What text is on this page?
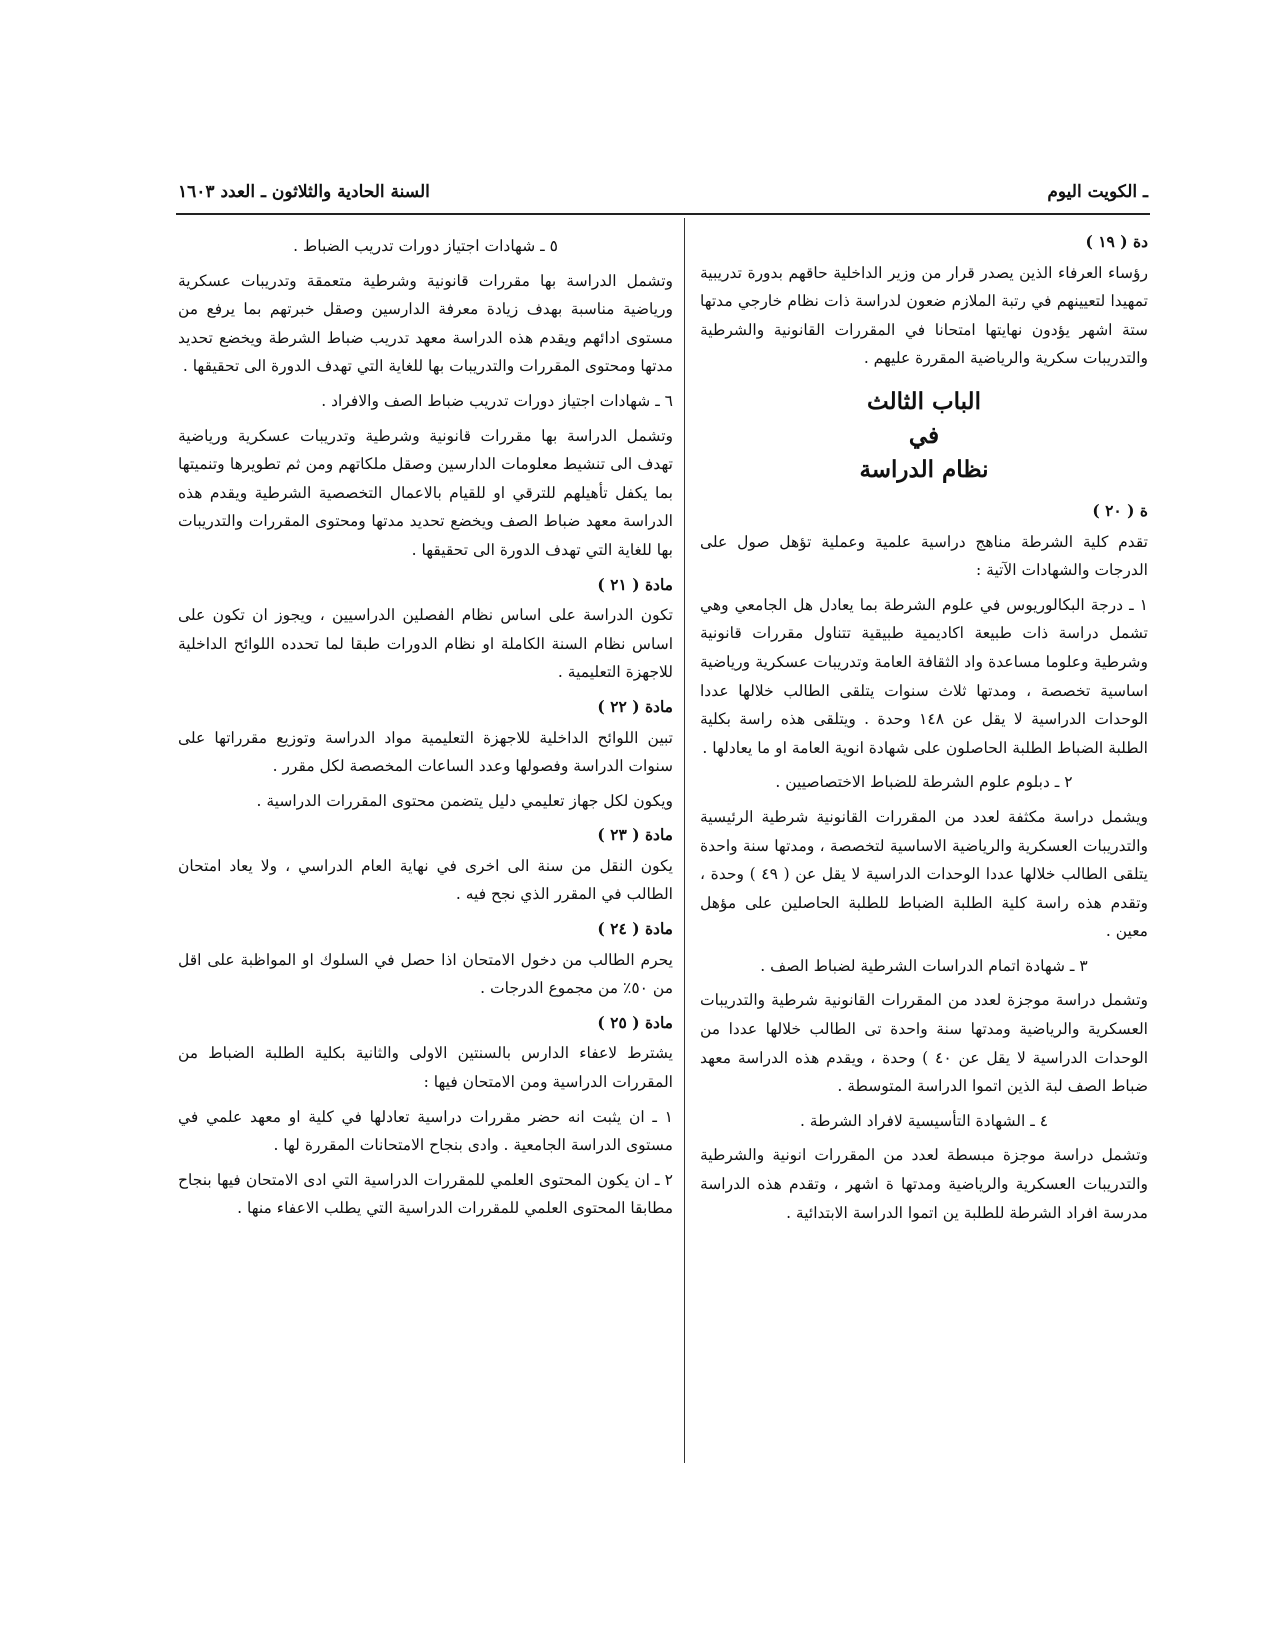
ـ الكويت اليوم
السنة الحادية والثلاثون ـ العدد ١٦٠٣
دة ( ١٩ )

رؤساء العرفاء الذين يصدر قرار من وزير الداخلية حاقهم بدورة تدريبية تمهيدا لتعيينهم في رتبة الملازم ضعون لدراسة ذات نظام خارجي مدتها ستة اشهر يؤدون نهايتها امتحانا في المقررات القانونية والشرطية والتدريبات سكرية والرياضية المقررة عليهم .

الباب الثالث
في
نظام الدراسة
ة ( ٢٠ )

تقدم كلية الشرطة مناهج دراسية علمية وعملية تؤهل صول على الدرجات والشهادات الآتية :

١ ـ درجة البكالوريوس في علوم الشرطة بما يعادل هل الجامعي وهي تشمل دراسة ذات طبيعة اكاديمية طبيقية تتناول مقررات قانونية وشرطية وعلوما مساعدة واد الثقافة العامة وتدريبات عسكرية ورياضية اساسية تخصصة ، ومدتها ثلاث سنوات يتلقى الطالب خلالها عددا الوحدات الدراسية لا يقل عن ١٤٨ وحدة . ويتلقى هذه راسة بكلية الطلبة الضباط الطلبة الحاصلون على شهادة انوية العامة او ما يعادلها .

٢ ـ دبلوم علوم الشرطة للضباط الاختصاصيين .

ويشمل دراسة مكثفة لعدد من المقررات القانونية شرطية الرئيسية والتدريبات العسكرية والرياضية الاساسية لتخصصة ، ومدتها سنة واحدة يتلقى الطالب خلالها عددا الوحدات الدراسية لا يقل عن ( ٤٩ ) وحدة ، وتقدم هذه راسة كلية الطلبة الضباط للطلبة الحاصلين على مؤهل معين .

٣ ـ شهادة اتمام الدراسات الشرطية لضباط الصف .

وتشمل دراسة موجزة لعدد من المقررات القانونية شرطية والتدريبات العسكرية والرياضية ومدتها سنة واحدة تى الطالب خلالها عددا من الوحدات الدراسية لا يقل عن ٤٠ ) وحدة ، ويقدم هذه الدراسة معهد ضباط الصف لبة الذين اتموا الدراسة المتوسطة .

٤ ـ الشهادة التأسيسية لافراد الشرطة .

وتشمل دراسة موجزة مبسطة لعدد من المقررات انونية والشرطية والتدريبات العسكرية والرياضية ومدتها ة اشهر ، وتقدم هذه الدراسة مدرسة افراد الشرطة للطلبة ين اتموا الدراسة الابتدائية .

٥ ـ شهادات اجتياز دورات تدريب الضباط .

وتشمل الدراسة بها مقررات قانونية وشرطية متعمقة وتدريبات عسكرية ورياضية مناسبة بهدف زيادة معرفة الدارسين وصقل خبرتهم بما يرفع من مستوى ادائهم ويقدم هذه الدراسة معهد تدريب ضباط الشرطة ويخضع تحديد مدتها ومحتوى المقررات والتدريبات بها للغاية التي تهدف الدورة الى تحقيقها .

٦ ـ شهادات اجتياز دورات تدريب ضباط الصف والافراد .

وتشمل الدراسة بها مقررات قانونية وشرطية وتدريبات عسكرية ورياضية تهدف الى تنشيط معلومات الدارسين وصقل ملكاتهم ومن ثم تطويرها وتنميتها بما يكفل تأهيلهم للترقي او للقيام بالاعمال التخصصية الشرطية ويقدم هذه الدراسة معهد ضباط الصف ويخضع تحديد مدتها ومحتوى المقررات والتدريبات بها للغاية التي تهدف الدورة الى تحقيقها .

مادة ( ٢١ )

تكون الدراسة على اساس نظام الفصلين الدراسيين ، ويجوز ان تكون على اساس نظام السنة الكاملة او نظام الدورات طبقا لما تحدده اللوائح الداخلية للاجهزة التعليمية .

مادة ( ٢٢ )

تبين اللوائح الداخلية للاجهزة التعليمية مواد الدراسة وتوزيع مقرراتها على سنوات الدراسة وفصولها وعدد الساعات المخصصة لكل مقرر .

ويكون لكل جهاز تعليمي دليل يتضمن محتوى المقررات الدراسية .

مادة ( ٢٣ )

يكون النقل من سنة الى اخرى في نهاية العام الدراسي ، ولا يعاد امتحان الطالب في المقرر الذي نجح فيه .

مادة ( ٢٤ )

يحرم الطالب من دخول الامتحان اذا حصل في السلوك او المواظبة على اقل من ٥٠٪ من مجموع الدرجات .

مادة ( ٢٥ )

يشترط لاعفاء الدارس بالسنتين الاولى والثانية بكلية الطلبة الضباط من المقررات الدراسية ومن الامتحان فيها :

١ ـ ان يثبت انه حضر مقررات دراسية تعادلها في كلية او معهد علمي في مستوى الدراسة الجامعية . وادى بنجاح الامتحانات المقررة لها .

٢ ـ ان يكون المحتوى العلمي للمقررات الدراسية التي ادى الامتحان فيها بنجاح مطابقا المحتوى العلمي للمقررات الدراسية التي يطلب الاعفاء منها .
